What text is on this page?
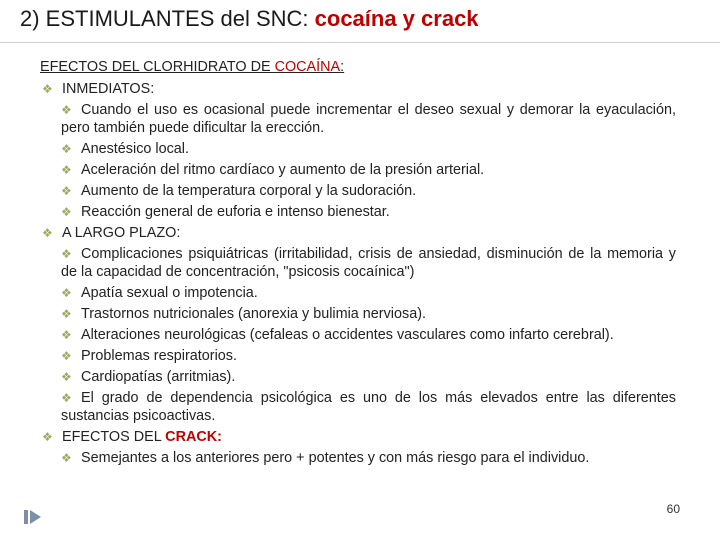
2) ESTIMULANTES del SNC: cocaína y crack
EFECTOS DEL CLORHIDRATO DE COCAÍNA:
❖ INMEDIATOS:
❖ Cuando el uso es ocasional puede incrementar el deseo sexual y demorar la eyaculación, pero también puede dificultar la erección.
❖ Anestésico local.
❖ Aceleración del ritmo cardíaco y aumento de la presión arterial.
❖ Aumento de la temperatura corporal y la sudoración.
❖ Reacción general de euforia e intenso bienestar.
❖ A LARGO PLAZO:
❖ Complicaciones psiquiátricas (irritabilidad, crisis de ansiedad, disminución de la memoria y de la capacidad de concentración, "psicosis cocaínica")
❖ Apatía sexual o impotencia.
❖ Trastornos nutricionales (anorexia y bulimia nerviosa).
❖ Alteraciones neurológicas (cefaleas o accidentes vasculares como infarto cerebral).
❖ Problemas respiratorios.
❖ Cardiopatías (arritmias).
❖ El grado de dependencia psicológica es uno de los más elevados entre las diferentes sustancias psicoactivas.
❖ EFECTOS DEL CRACK:
❖ Semejantes a los anteriores pero + potentes y con más riesgo para el individuo.
60
